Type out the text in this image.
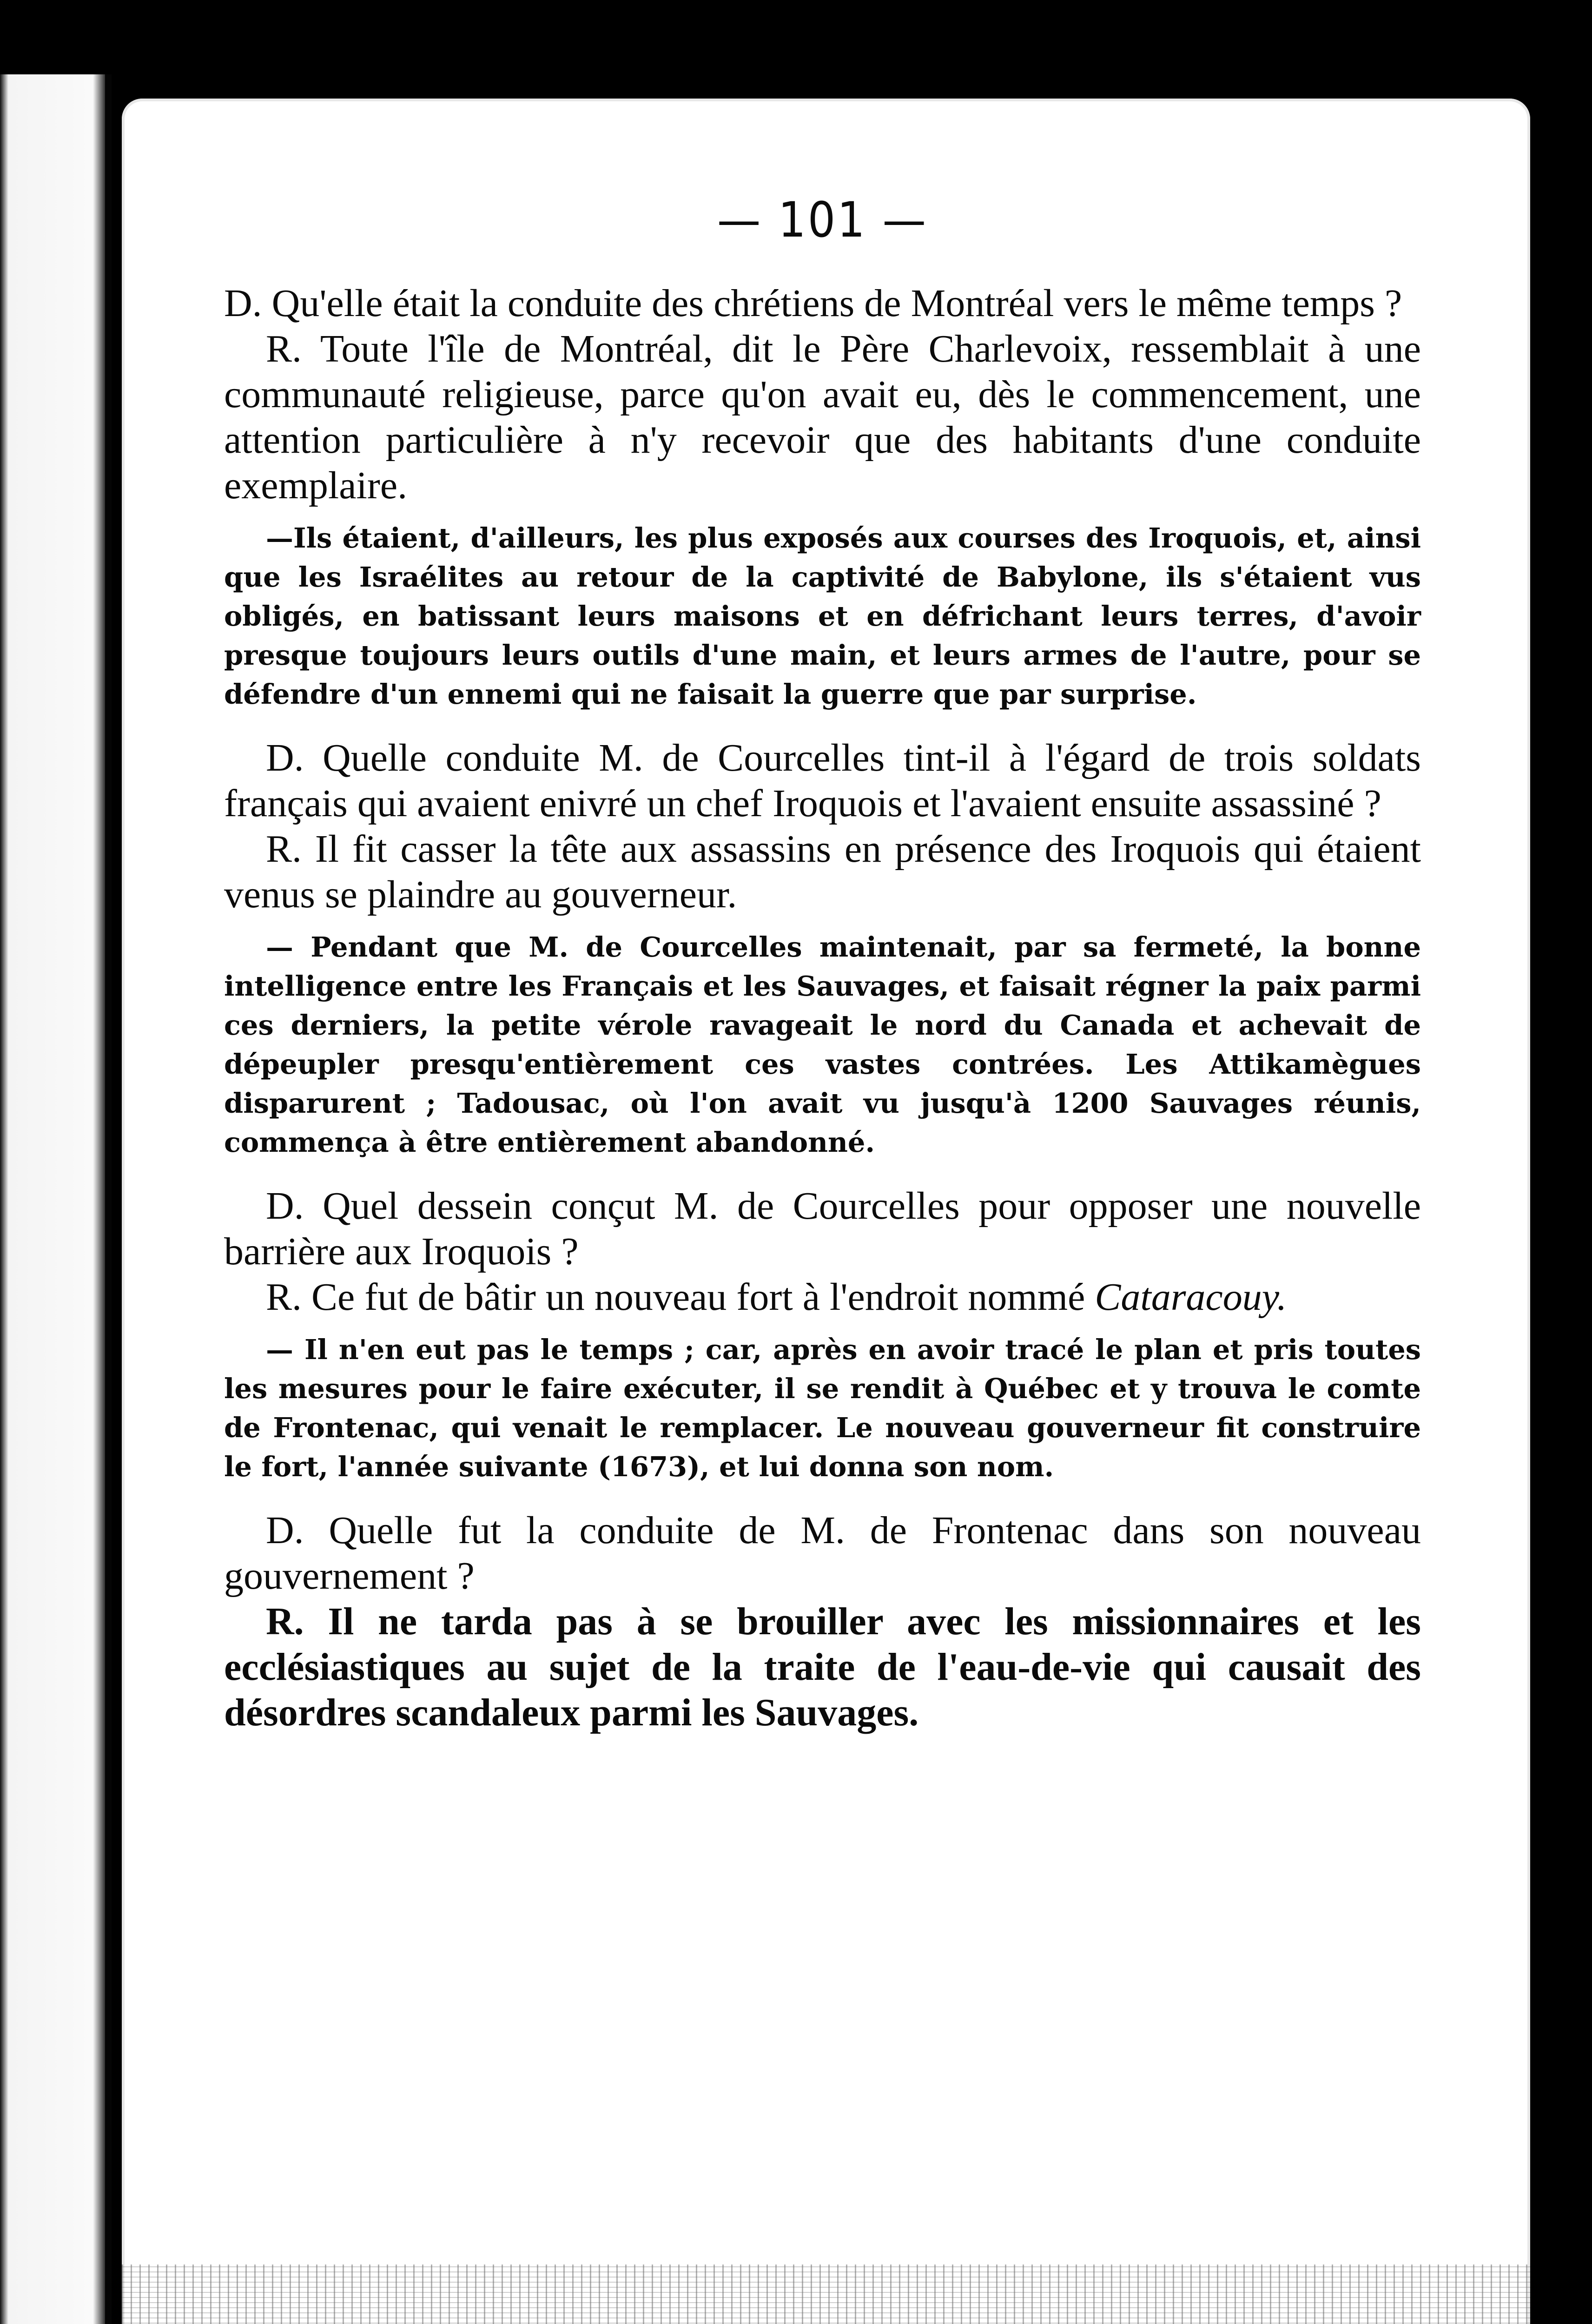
— 101 —

D. Qu'elle était la conduite des chrétiens de Montréal vers le même temps ?

R. Toute l'île de Montréal, dit le Père Charlevoix, ressemblait à une communauté religieuse, parce qu'on avait eu, dès le commencement, une attention particulière à n'y recevoir que des habitants d'une conduite exemplaire.

—Ils étaient, d'ailleurs, les plus exposés aux courses des Iroquois, et, ainsi que les Israélites au retour de la captivité de Babylone, ils s'étaient vus obligés, en batissant leurs maisons et en défrichant leurs terres, d'avoir presque toujours leurs outils d'une main, et leurs armes de l'autre, pour se défendre d'un ennemi qui ne faisait la guerre que par surprise.

D. Quelle conduite M. de Courcelles tint-il à l'égard de trois soldats français qui avaient enivré un chef Iroquois et l'avaient ensuite assassiné ?

R. Il fit casser la tête aux assassins en présence des Iroquois qui étaient venus se plaindre au gouverneur.

— Pendant que M. de Courcelles maintenait, par sa fermeté, la bonne intelligence entre les Français et les Sauvages, et faisait régner la paix parmi ces derniers, la petite vérole ravageait le nord du Canada et achevait de dépeupler presqu'entièrement ces vastes contrées. Les Attikamègues disparurent ; Tadousac, où l'on avait vu jusqu'à 1200 Sauvages réunis, commença à être entièrement abandonné.

D. Quel dessein conçut M. de Courcelles pour opposer une nouvelle barrière aux Iroquois ?

R. Ce fut de bâtir un nouveau fort à l'endroit nommé Cataracouy.

— Il n'en eut pas le temps ; car, après en avoir tracé le plan et pris toutes les mesures pour le faire exécuter, il se rendit à Québec et y trouva le comte de Frontenac, qui venait le remplacer. Le nouveau gouverneur fit construire le fort, l'année suivante (1673), et lui donna son nom.

D. Quelle fut la conduite de M. de Frontenac dans son nouveau gouvernement ?

R. Il ne tarda pas à se brouiller avec les missionnaires et les ecclésiastiques au sujet de la traite de l'eau-de-vie qui causait des désordres scandaleux parmi les Sauvages.
